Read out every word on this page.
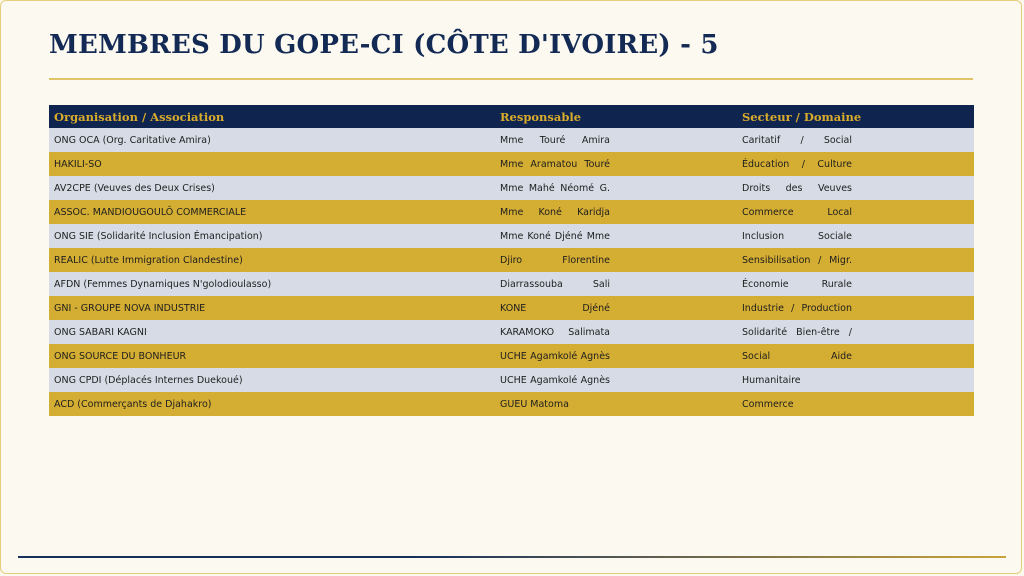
MEMBRES DU GOPE-CI (CÔTE D'IVOIRE) - 5
Organisation / Association	Responsable	Secteur / Domaine
ONG OCA (Org. Caritative Amira)	Mme Touré Amira	Caritatif / Social
HAKILI-SO	Mme Aramatou Touré	Éducation / Culture
AV2CPE (Veuves des Deux Crises)	Mme Mahé Néomé G.	Droits des Veuves
ASSOC. MANDIOUGOULÔ COMMERCIALE	Mme Koné Karidja	Commerce Local
ONG SIE (Solidarité Inclusion Émancipation)	Mme Koné Djéné Mme	Inclusion Sociale
REALIC (Lutte Immigration Clandestine)	Djiro Florentine	Sensibilisation / Migr.
AFDN (Femmes Dynamiques N'golodioulasso)	Diarrassouba Sali	Économie Rurale
GNI - GROUPE NOVA INDUSTRIE	KONE Djéné	Industrie / Production
ONG SABARI KAGNI	KARAMOKO Salimata	Solidarité Bien-être /
ONG SOURCE DU BONHEUR	UCHE Agamkolé Agnès	Social Aide
ONG CPDI (Déplacés Internes Duekoué)	UCHE Agamkolé Agnès	Humanitaire
ACD (Commerçants de Djahakro)	GUEU Matoma	Commerce
